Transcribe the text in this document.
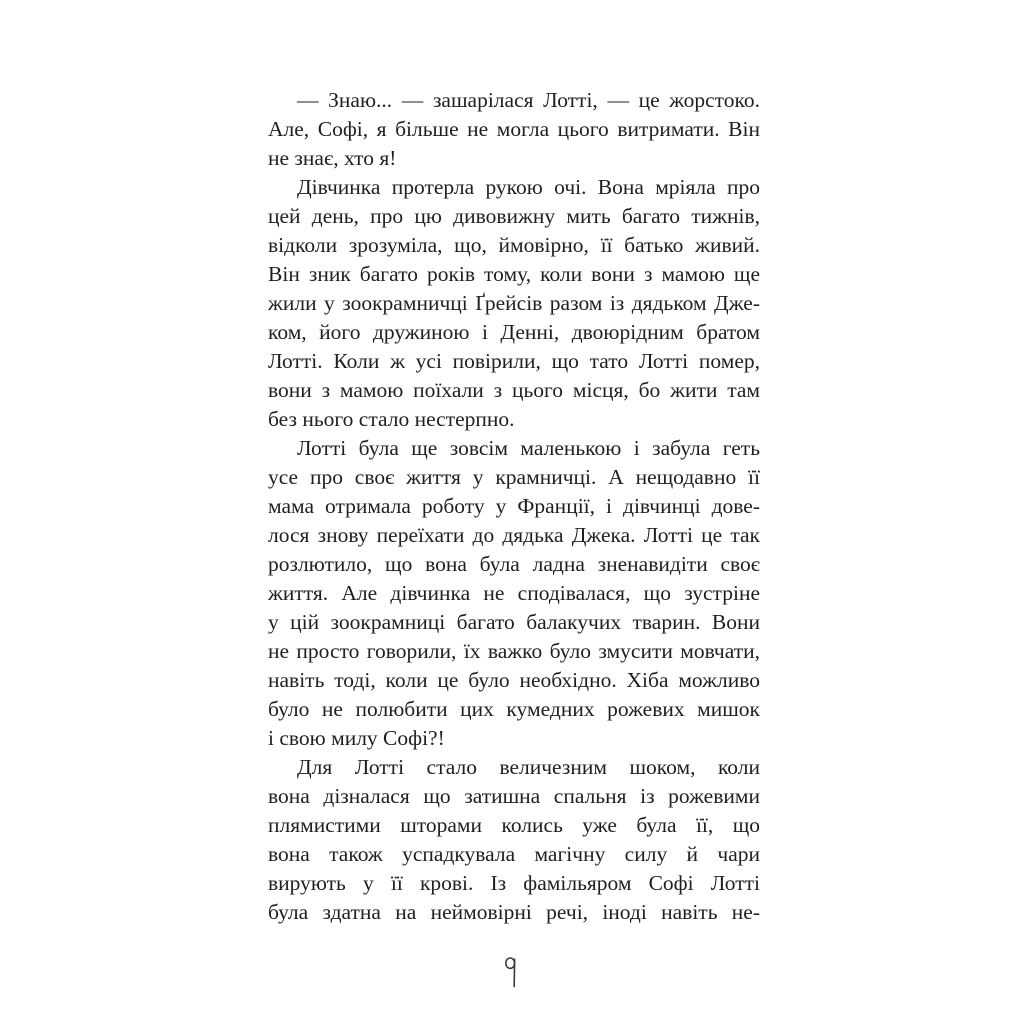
— Знаю... — зашарілася Лотті, — це жорстоко.
Але, Софі, я більше не могла цього витримати. Він
не знає, хто я!
Дівчинка протерла рукою очі. Вона мріяла про
цей день, про цю дивовижну мить багато тижнів,
відколи зрозуміла, що, ймовірно, її батько живий.
Він зник багато років тому, коли вони з мамою ще
жили у зоокрамничці Ґрейсів разом із дядьком Дже-
ком, його дружиною і Денні, двоюрідним братом
Лотті. Коли ж усі повірили, що тато Лотті помер,
вони з мамою поїхали з цього місця, бо жити там
без нього стало нестерпно.
Лотті була ще зовсім маленькою і забула геть
усе про своє життя у крамничці. А нещодавно її
мама отримала роботу у Франції, і дівчинці дове-
лося знову переїхати до дядька Джека. Лотті це так
розлютило, що вона була ладна зненавидіти своє
життя. Але дівчинка не сподівалася, що зустріне
у цій зоокрамниці багато балакучих тварин. Вони
не просто говорили, їх важко було змусити мовчати,
навіть тоді, коли це було необхідно. Хіба можливо
було не полюбити цих кумедних рожевих мишок
і свою милу Софі?!
Для Лотті стало величезним шоком, коли
вона дізналася що затишна спальня із рожевими
плямистими шторами колись уже була її, що
вона також успадкувала магічну силу й чари
вирують у її крові. Із фамільяром Софі Лотті
була здатна на неймовірні речі, іноді навіть не-
